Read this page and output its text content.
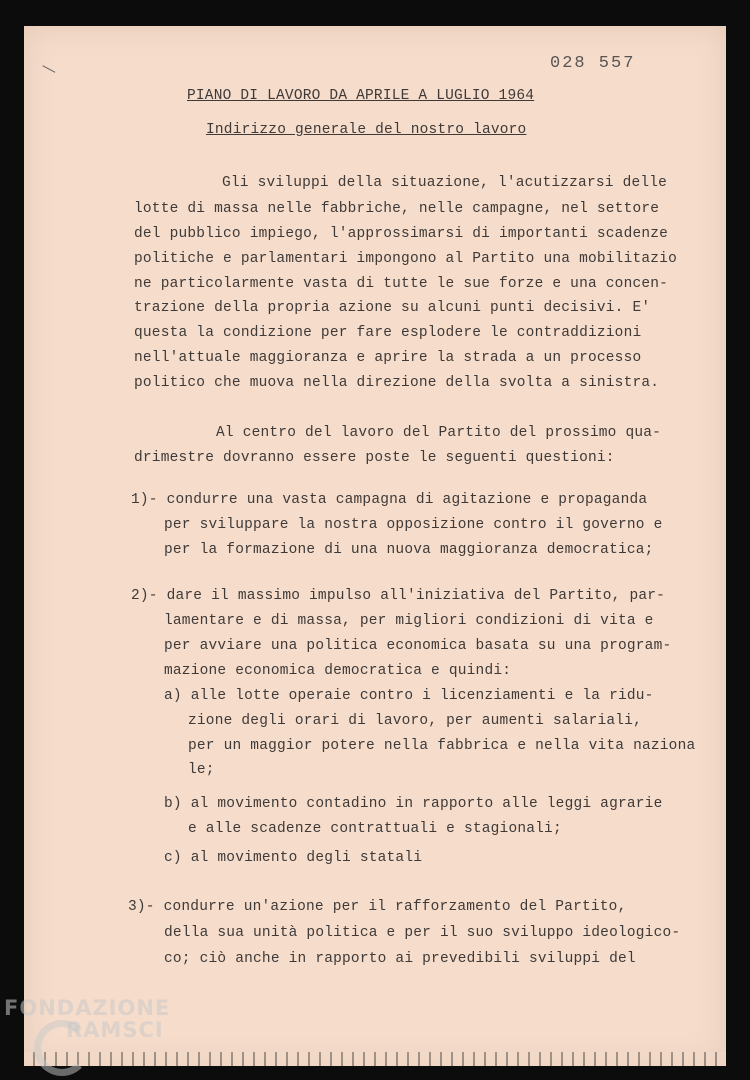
028 557
PIANO DI LAVORO DA APRILE A LUGLIO 1964
Indirizzo generale del nostro lavoro
Gli sviluppi della situazione, l'acutizzarsi delle
lotte di massa nelle fabbriche, nelle campagne, nel settore
del pubblico impiego, l'approssimarsi di importanti scadenze
politiche e parlamentari impongono al Partito una mobilitazio
ne particolarmente vasta di tutte le sue forze e una concen-
trazione della propria azione su alcuni punti decisivi. E'
questa la condizione per fare esplodere le contraddizioni
nell'attuale maggioranza e aprire la strada a un processo
politico che muova nella direzione della svolta a sinistra.
Al centro del lavoro del Partito del prossimo qua-
drimestre dovranno essere poste le seguenti questioni:
1)- condurre una vasta campagna di agitazione e propaganda
per sviluppare la nostra opposizione contro il governo e
per la formazione di una nuova maggioranza democratica;
2)- dare il massimo impulso all'iniziativa del Partito, par-
lamentare e di massa, per migliori condizioni di vita e
per avviare una politica economica basata su una program-
mazione economica democratica e quindi:
a) alle lotte operaie contro i licenziamenti e la ridu-
zione degli orari di lavoro, per aumenti salariali,
per un maggior potere nella fabbrica e nella vita naziona
le;
b) al movimento contadino in rapporto alle leggi agrarie
e alle scadenze contrattuali e stagionali;
c) al movimento degli statali
3)- condurre un'azione per il rafforzamento del Partito,
della sua unità politica e per il suo sviluppo ideologico-
co; ciò anche in rapporto ai prevedibili sviluppi del
FONDAZIONE
RAMSCI
